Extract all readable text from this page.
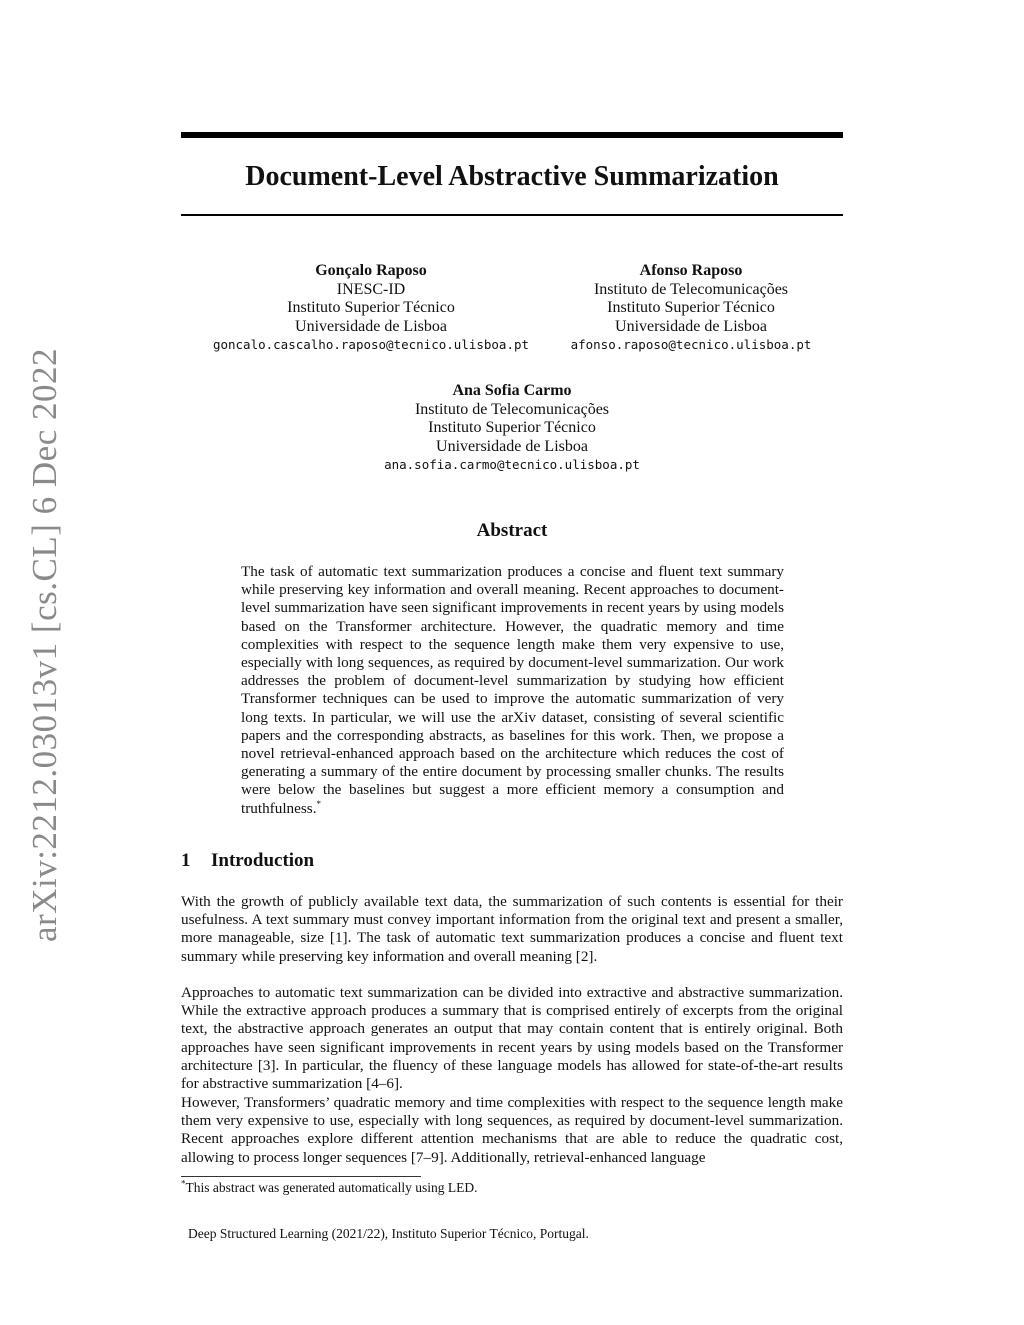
arXiv:2212.03013v1 [cs.CL] 6 Dec 2022
Document-Level Abstractive Summarization
Gonçalo Raposo
INESC-ID
Instituto Superior Técnico
Universidade de Lisboa
goncalo.cascalho.raposo@tecnico.ulisboa.pt
Afonso Raposo
Instituto de Telecomunicações
Instituto Superior Técnico
Universidade de Lisboa
afonso.raposo@tecnico.ulisboa.pt
Ana Sofia Carmo
Instituto de Telecomunicações
Instituto Superior Técnico
Universidade de Lisboa
ana.sofia.carmo@tecnico.ulisboa.pt
Abstract

The task of automatic text summarization produces a concise and fluent text summary while preserving key information and overall meaning. Recent approaches to document-level summarization have seen significant improvements in recent years by using models based on the Transformer architecture. However, the quadratic memory and time complexities with respect to the sequence length make them very expensive to use, especially with long sequences, as required by document-level summarization. Our work addresses the problem of document-level summarization by studying how efficient Transformer techniques can be used to improve the automatic summarization of very long texts. In particular, we will use the arXiv dataset, consisting of several scientific papers and the corresponding abstracts, as baselines for this work. Then, we propose a novel retrieval-enhanced approach based on the architecture which reduces the cost of generating a summary of the entire document by processing smaller chunks. The results were below the baselines but suggest a more efficient memory a consumption and truthfulness.*

1 Introduction

With the growth of publicly available text data, the summarization of such contents is essential for their usefulness. A text summary must convey important information from the original text and present a smaller, more manageable, size [1]. The task of automatic text summarization produces a concise and fluent text summary while preserving key information and overall meaning [2].

Approaches to automatic text summarization can be divided into extractive and abstractive summarization. While the extractive approach produces a summary that is comprised entirely of excerpts from the original text, the abstractive approach generates an output that may contain content that is entirely original. Both approaches have seen significant improvements in recent years by using models based on the Transformer architecture [3]. In particular, the fluency of these language models has allowed for state-of-the-art results for abstractive summarization [4–6].

However, Transformers’ quadratic memory and time complexities with respect to the sequence length make them very expensive to use, especially with long sequences, as required by document-level summarization. Recent approaches explore different attention mechanisms that are able to reduce the quadratic cost, allowing to process longer sequences [7–9]. Additionally, retrieval-enhanced language

*This abstract was generated automatically using LED.
Deep Structured Learning (2021/22), Instituto Superior Técnico, Portugal.
